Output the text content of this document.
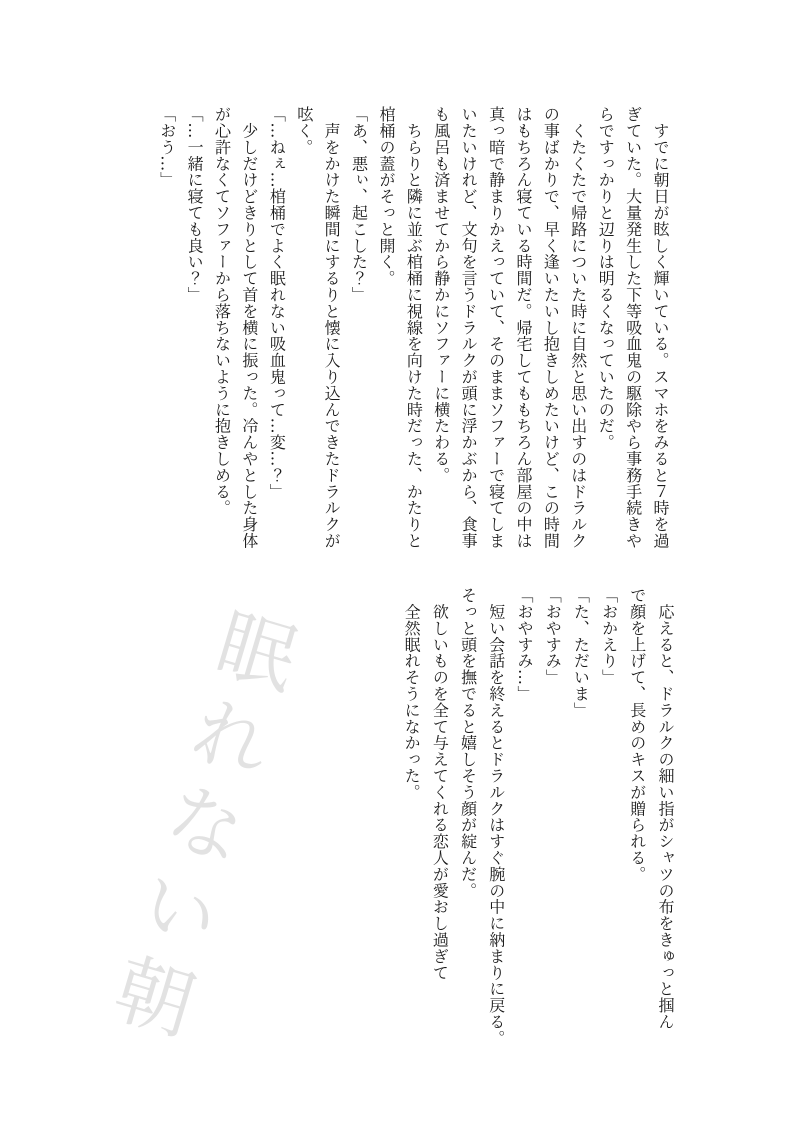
眠れない朝

　すでに朝日が眩しく輝いている。スマホをみると７時を過

ぎていた。大量発生した下等吸血鬼の駆除やら事務手続きや

らですっかりと辺りは明るくなっていたのだ。

　くたくたで帰路についた時に自然と思い出すのはドラルク

の事ばかりで、早く逢いたいし抱きしめたいけど、この時間

はもちろん寝ている時間だ。帰宅してももちろん部屋の中は

真っ暗で静まりかえっていて、そのままソファーで寝てしま

いたいけれど、文句を言うドラルクが頭に浮かぶから、食事

も風呂も済ませてから静かにソファーに横たわる。

　ちらりと隣に並ぶ棺桶に視線を向けた時だった、かたりと

棺桶の蓋がそっと開く。

「あ、悪ぃ、起こした？」

　声をかけた瞬間にするりと懐に入り込んできたドラルクが

呟く。

「…ねぇ…棺桶でよく眠れない吸血鬼って…変…？」

　少しだけどきりとして首を横に振った。冷んやとした身体

が心許なくてソファーから落ちないように抱きしめる。

「…一緒に寝ても良い？」

「おう…」

　応えると、ドラルクの細い指がシャツの布をきゅっと掴ん

で顔を上げて、長めのキスが贈られる。

「おかえり」

「た、ただいま」

「おやすみ」

「おやすみ…」

　短い会話を終えるとドラルクはすぐ腕の中に納まりに戻る。

そっと頭を撫でると嬉しそう顔が綻んだ。

　欲しいものを全て与えてくれる恋人が愛おし過ぎて

　全然眠れそうになかった。
